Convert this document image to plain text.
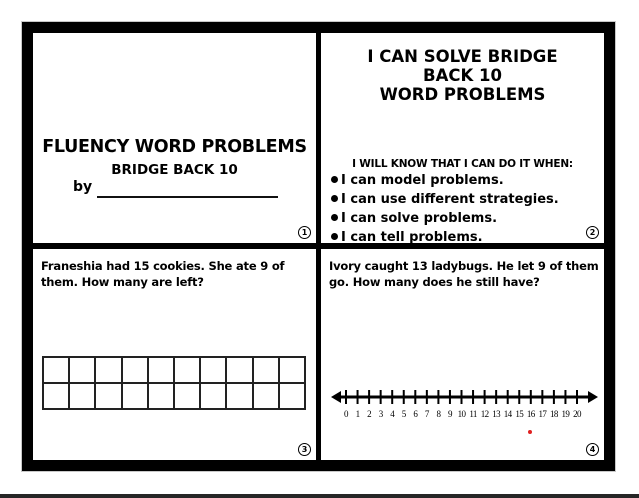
FLUENCY WORD PROBLEMS
BRIDGE BACK 10
by
1
I CAN SOLVE BRIDGE
BACK 10
WORD PROBLEMS
I WILL KNOW THAT I CAN DO IT WHEN:
I can model problems.
I can use different strategies.
I can solve problems.
I can tell problems.	2
Franeshia had 15 cookies. She ate 9 of them. How many are left?
3
Ivory caught 13 ladybugs. He let 9 of them go. How many does he still have?
0 1 2 3 4 5 6 7 8 9 10 11 12 13 14 15 16 17 18 19 20
4
